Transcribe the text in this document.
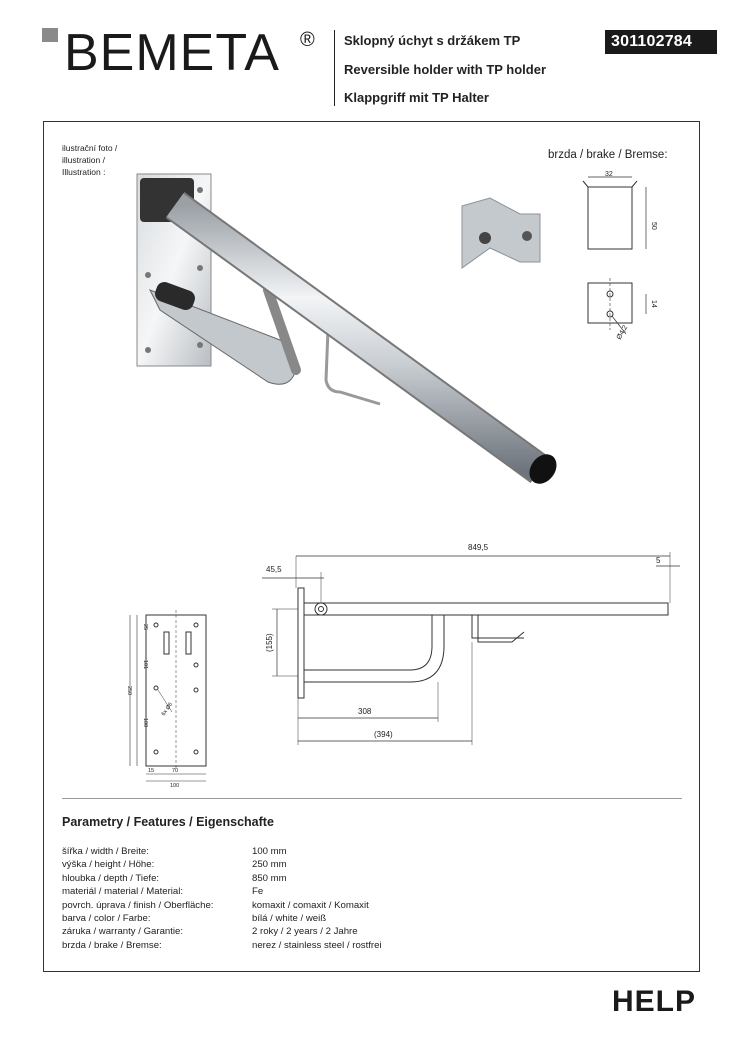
BEMETA ® Sklopný úchyt s držákem TP
Reversible holder with TP holder
Klappgriff mit TP Halter
301102784
ilustrační foto /
illustration /
Illustration :
brzda / brake / Bremse:
32
50
14
Ø4,2
849,5
45,5
5
(155)
308
(394)
25
101
250
100
15	70
100
6x Ø6
Parametry / Features / Eigenschafte
šířka / width / Breite:	100 mm
výška / height / Höhe:	250 mm
hloubka / depth / Tiefe:	850 mm
materiál / material / Material:	Fe
povrch. úprava / finish / Oberfläche:	komaxit / comaxit / Komaxit
barva / color / Farbe:	bílá / white / weiß
záruka / warranty / Garantie:	2 roky / 2 years / 2 Jahre
brzda / brake / Bremse:	nerez / stainless steel / rostfrei
HELP
